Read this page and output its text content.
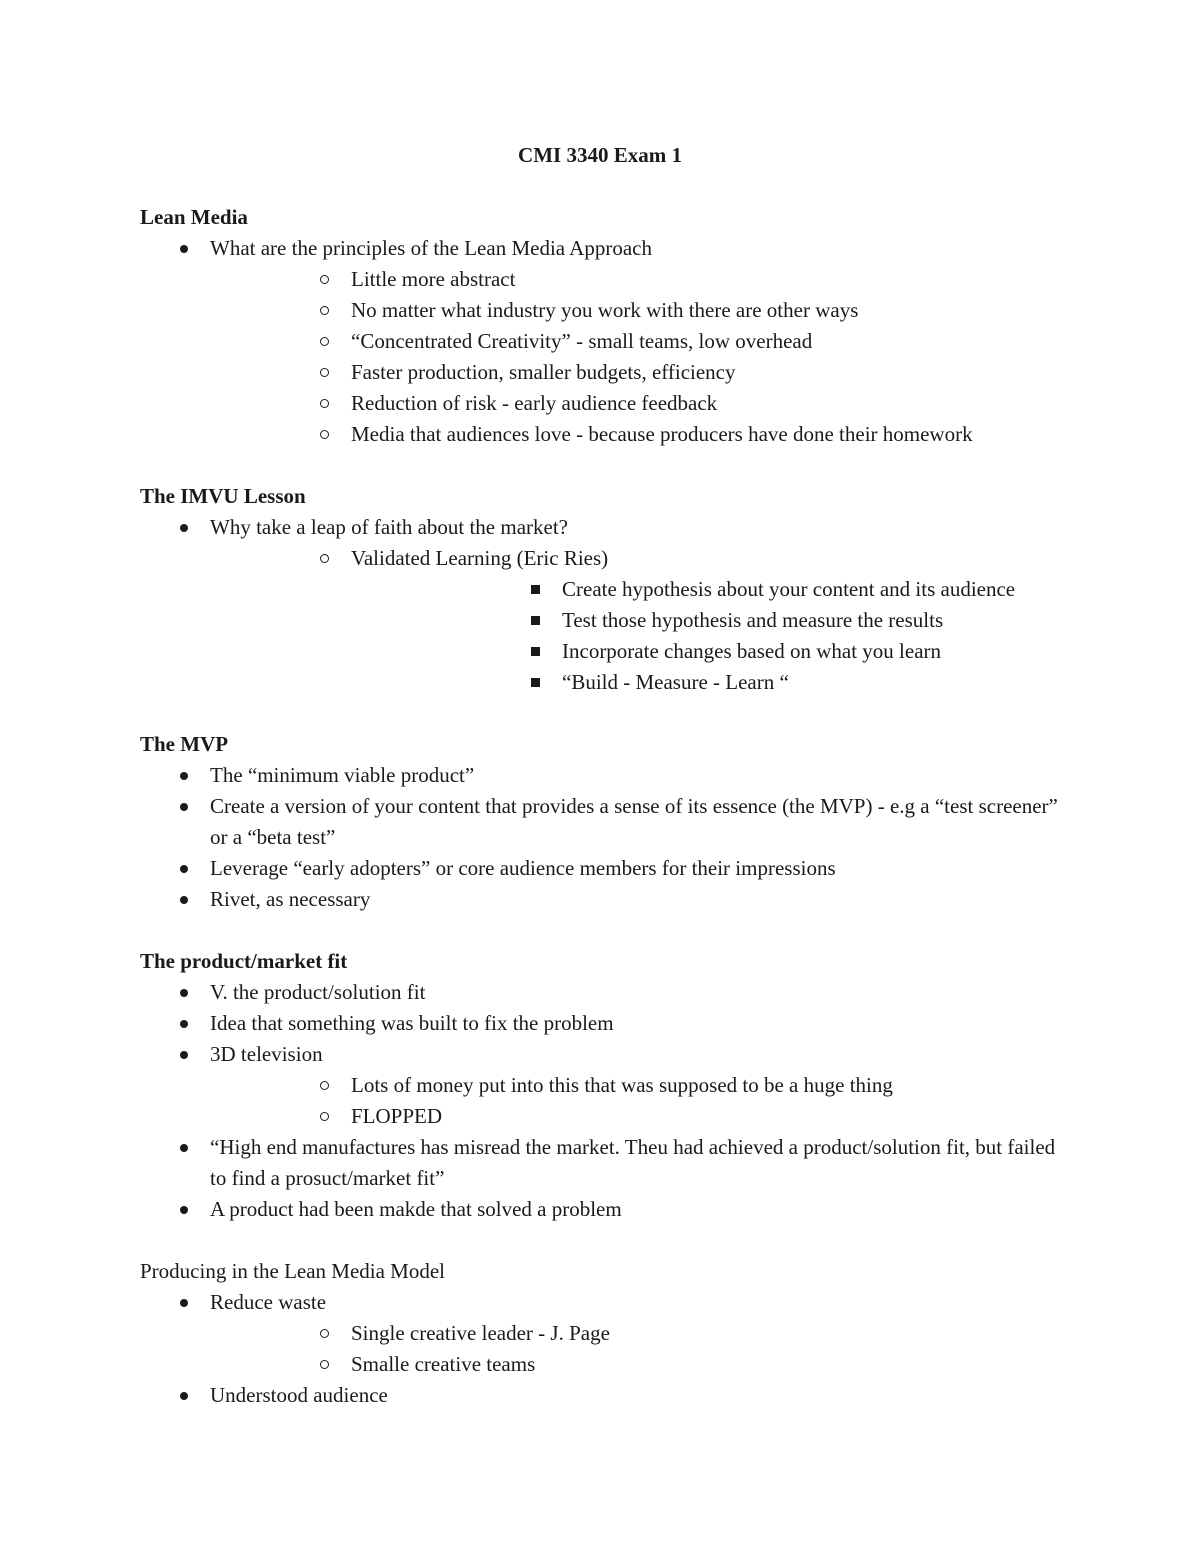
CMI 3340 Exam 1
Lean Media
What are the principles of the Lean Media Approach
Little more abstract
No matter what industry you work with there are other ways
“Concentrated Creativity” - small teams, low overhead
Faster production, smaller budgets, efficiency
Reduction of risk - early audience feedback
Media that audiences love - because producers have done their homework
The IMVU Lesson
Why take a leap of faith about the market?
Validated Learning (Eric Ries)
Create hypothesis about your content and its audience
Test those hypothesis and measure the results
Incorporate changes based on what you learn
“Build - Measure - Learn “
The MVP
The “minimum viable product”
Create a version of your content that provides a sense of its essence (the MVP) - e.g a “test screener” or a “beta test”
Leverage “early adopters” or core audience members for their impressions
Rivet, as necessary
The product/market fit
V. the product/solution fit
Idea that something was built to fix the problem
3D television
Lots of money put into this that was supposed to be a huge thing
FLOPPED
“High end manufactures has misread the market. Theu had achieved a product/solution fit, but failed to find a prosuct/market fit”
A product had been makde that solved a problem
Producing in the Lean Media Model
Reduce waste
Single creative leader - J. Page
Smalle creative teams
Understood audience
